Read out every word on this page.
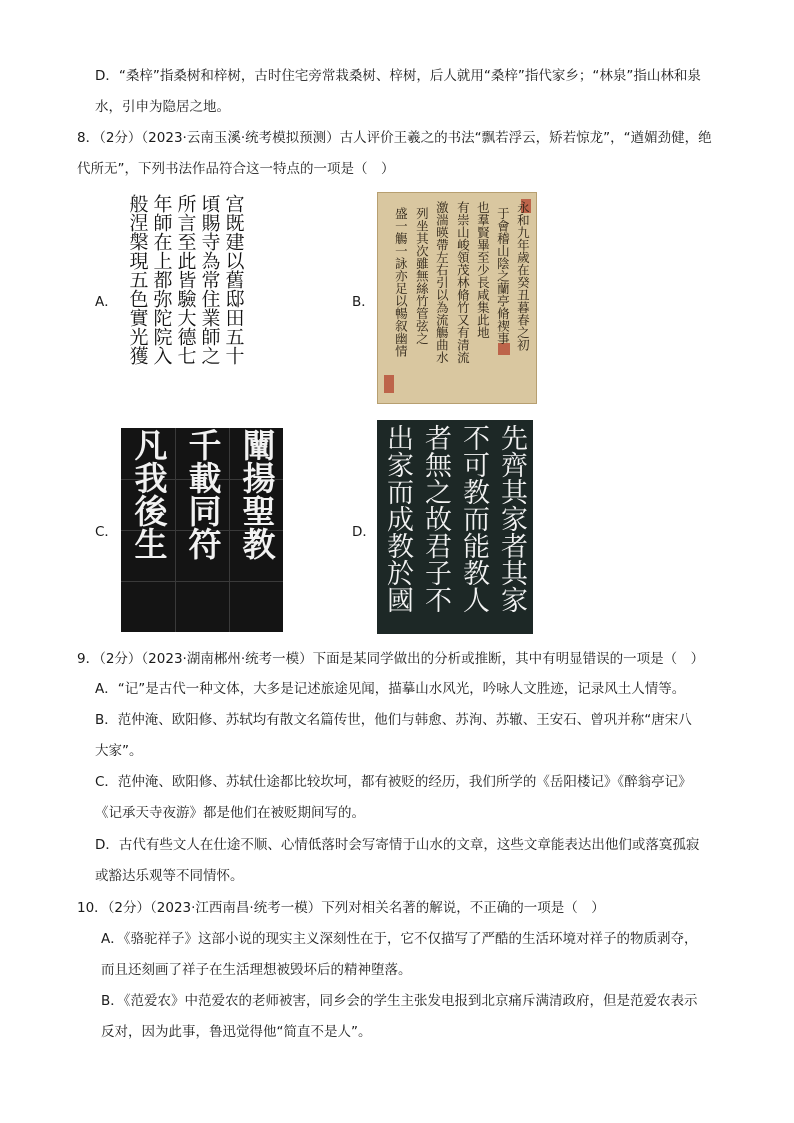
D．“桑梓”指桑树和梓树，古时住宅旁常栽桑树、梓树，后人就用“桑梓”指代家乡；“林泉”指山林和泉
水，引申为隐居之地。
8．（2分）（2023·云南玉溪·统考模拟预测）古人评价王羲之的书法“飘若浮云，矫若惊龙”，“遒媚劲健，绝
代所无”，下列书法作品符合这一特点的一项是（　）
A．	宫既建以舊邸田五十
頃賜寺為常住業師之
所言至此皆驗大德七
年師在上都弥陀院入
般涅槃現五色實光獲	B．	永和九年歲在癸丑暮春之初
于會稽山陰之蘭亭脩禊事
也羣賢畢至少長咸集此地
有崇山峻領茂林脩竹又有清流
激湍暎帶左右引以為流觴曲水
列坐其次雖無絲竹管弦之
盛一觴一詠亦足以暢叙幽情
C．	闡揚聖教
千載同符
凡我後生	D．	先齊其家者其家
不可教而能教人
者無之故君子不
出家而成教於國
9．（2分）（2023·湖南郴州·统考一模）下面是某同学做出的分析或推断，其中有明显错误的一项是（　）
A．“记”是古代一种文体，大多是记述旅途见闻，描摹山水风光，吟咏人文胜迹，记录风土人情等。
B．范仲淹、欧阳修、苏轼均有散文名篇传世，他们与韩愈、苏洵、苏辙、王安石、曾巩并称“唐宋八
大家”。
C．范仲淹、欧阳修、苏轼仕途都比较坎坷，都有被贬的经历，我们所学的《岳阳楼记》《醉翁亭记》
《记承天寺夜游》都是他们在被贬期间写的。
D．古代有些文人在仕途不顺、心情低落时会写寄情于山水的文章，这些文章能表达出他们或落寞孤寂
或豁达乐观等不同情怀。
10．（2分）（2023·江西南昌·统考一模）下列对相关名著的解说，不正确的一项是（　）
A．《骆驼祥子》这部小说的现实主义深刻性在于，它不仅描写了严酷的生活环境对祥子的物质剥夺，
而且还刻画了祥子在生活理想被毁坏后的精神堕落。
B．《范爱农》中范爱农的老师被害，同乡会的学生主张发电报到北京痛斥满清政府，但是范爱农表示
反对，因为此事，鲁迅觉得他“简直不是人”。
